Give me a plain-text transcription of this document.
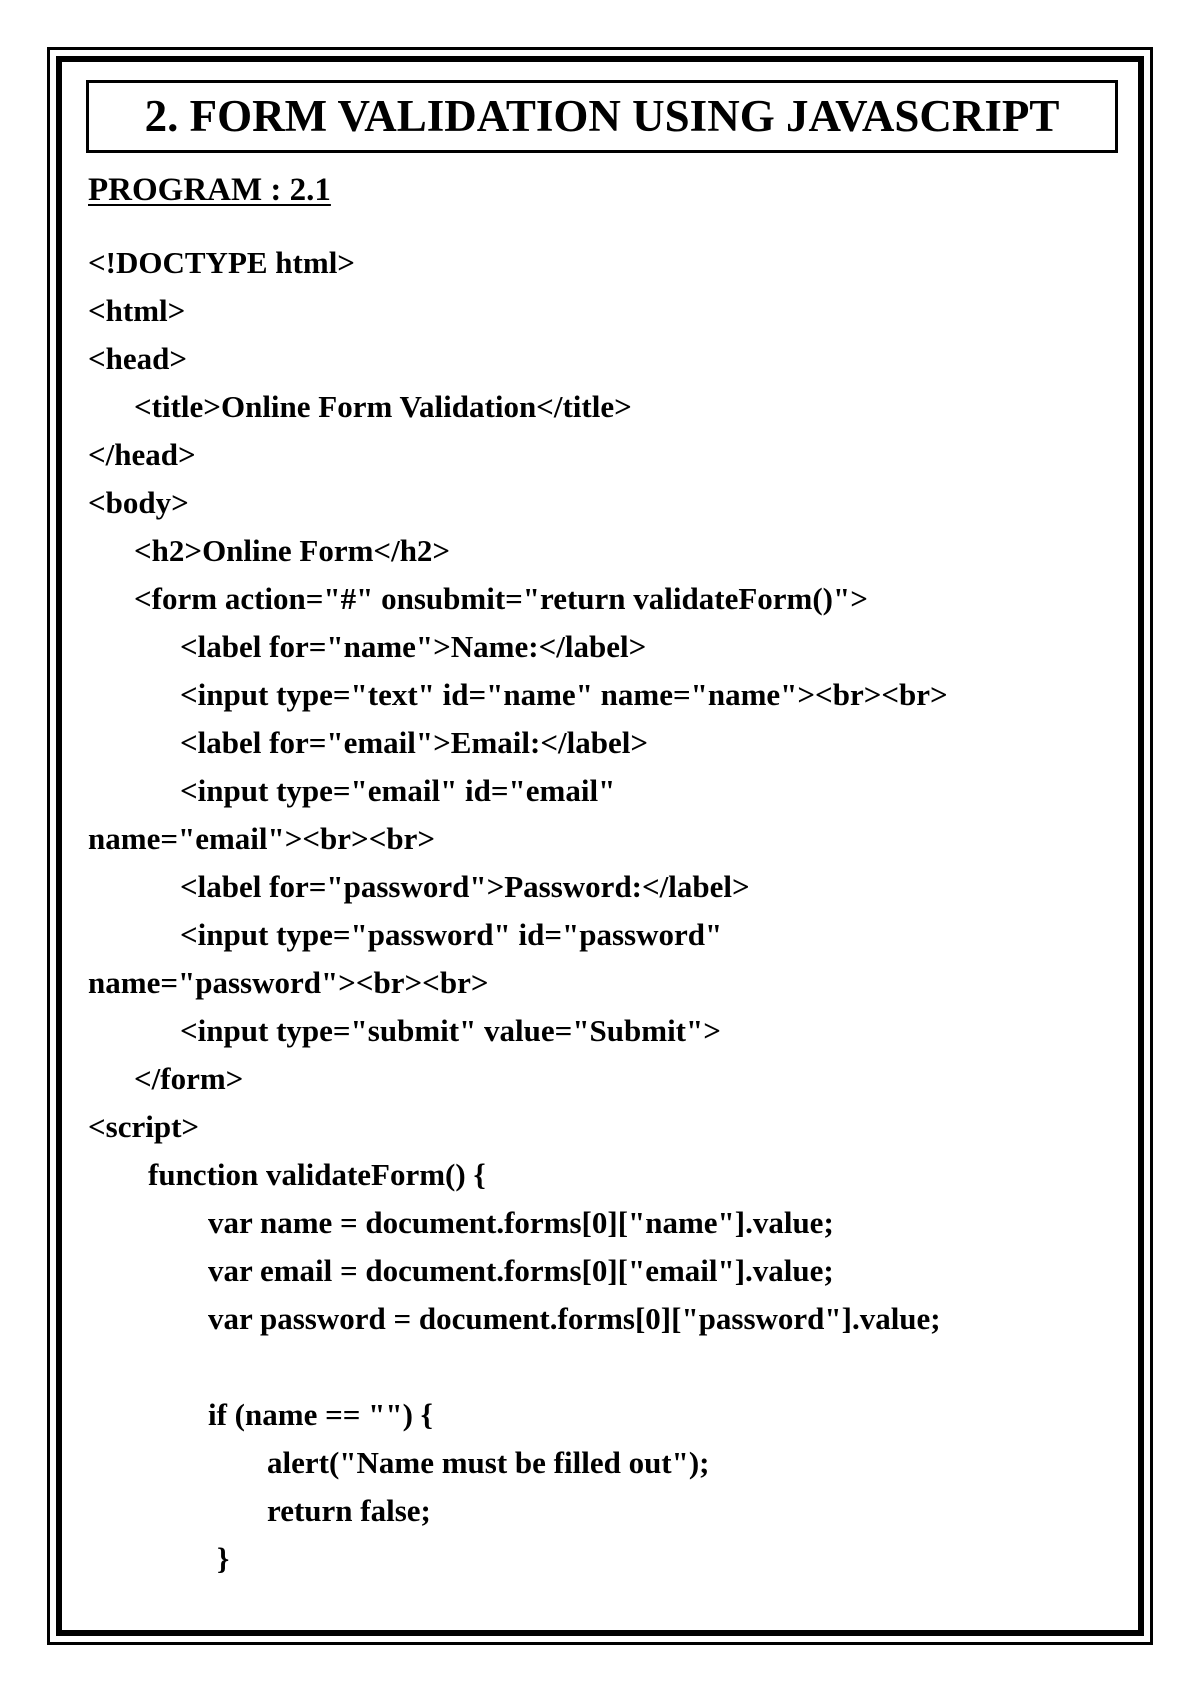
2. FORM VALIDATION USING JAVASCRIPT
PROGRAM : 2.1
<!DOCTYPE html>
<html>
<head>
<title>Online Form Validation</title>
</head>
<body>
<h2>Online Form</h2>
<form action="#" onsubmit="return validateForm()">
<label for="name">Name:</label>
<input type="text" id="name" name="name"><br><br>
<label for="email">Email:</label>
<input type="email" id="email"
name="email"><br><br>
<label for="password">Password:</label>
<input type="password" id="password"
name="password"><br><br>
<input type="submit" value="Submit">
</form>
<script>
function validateForm() {
var name = document.forms[0]["name"].value;
var email = document.forms[0]["email"].value;
var password = document.forms[0]["password"].value;
if (name == "") {
alert("Name must be filled out");
return false;
}
